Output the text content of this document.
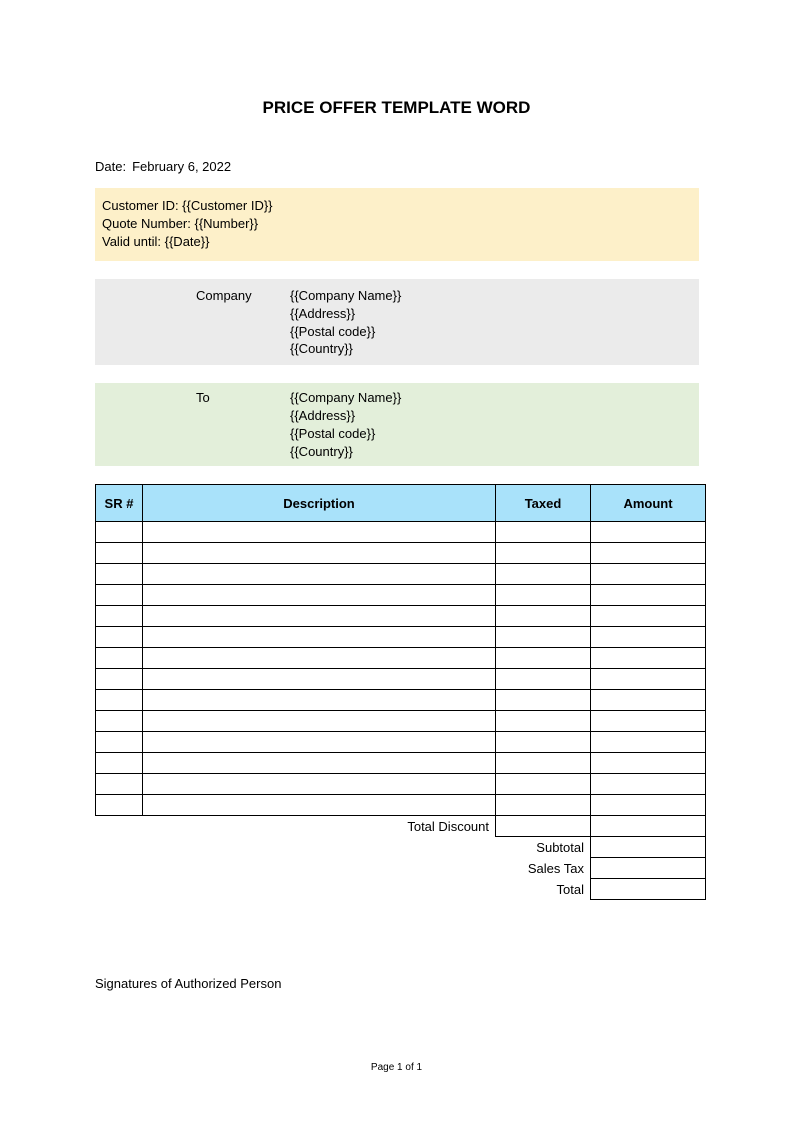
PRICE OFFER TEMPLATE WORD
Date: February 6, 2022
Customer ID: {{Customer ID}}
Quote Number: {{Number}}
Valid until: {{Date}}
Company	{{Company Name}}
{{Address}}
{{Postal code}}
{{Country}}
To	{{Company Name}}
{{Address}}
{{Postal code}}
{{Country}}
SR #	Description	Taxed	Amount

Total Discount			
		Subtotal	
		Sales Tax	
		Total	
Signatures of Authorized Person
Page 1 of 1
